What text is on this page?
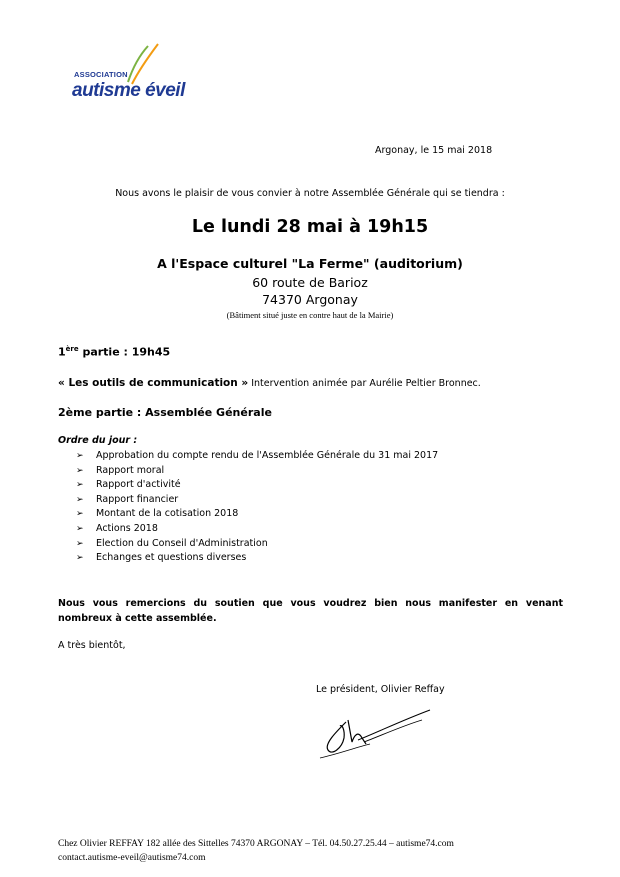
ASSOCIATION
autisme éveil
Argonay, le 15 mai 2018
Nous avons le plaisir de vous convier à notre Assemblée Générale qui se tiendra :
Le lundi 28 mai à 19h15
A l'Espace culturel "La Ferme" (auditorium)
60 route de Barioz
74370 Argonay
(Bâtiment situé juste en contre haut de la Mairie)
1ère partie : 19h45
« Les outils de communication » Intervention animée par Aurélie Peltier Bronnec.
2ème partie : Assemblée Générale
Ordre du jour :
➢ Approbation du compte rendu de l'Assemblée Générale du 31 mai 2017
➢ Rapport moral
➢ Rapport d'activité
➢ Rapport financier
➢ Montant de la cotisation 2018
➢ Actions 2018
➢ Election du Conseil d'Administration
➢ Echanges et questions diverses
Nous vous remercions du soutien que vous voudrez bien nous manifester en venant nombreux à cette assemblée.
A très bientôt,
Le président, Olivier Reffay
Chez Olivier REFFAY 182 allée des Sittelles 74370 ARGONAY – Tél. 04.50.27.25.44 – autisme74.com
contact.autisme-eveil@autisme74.com
